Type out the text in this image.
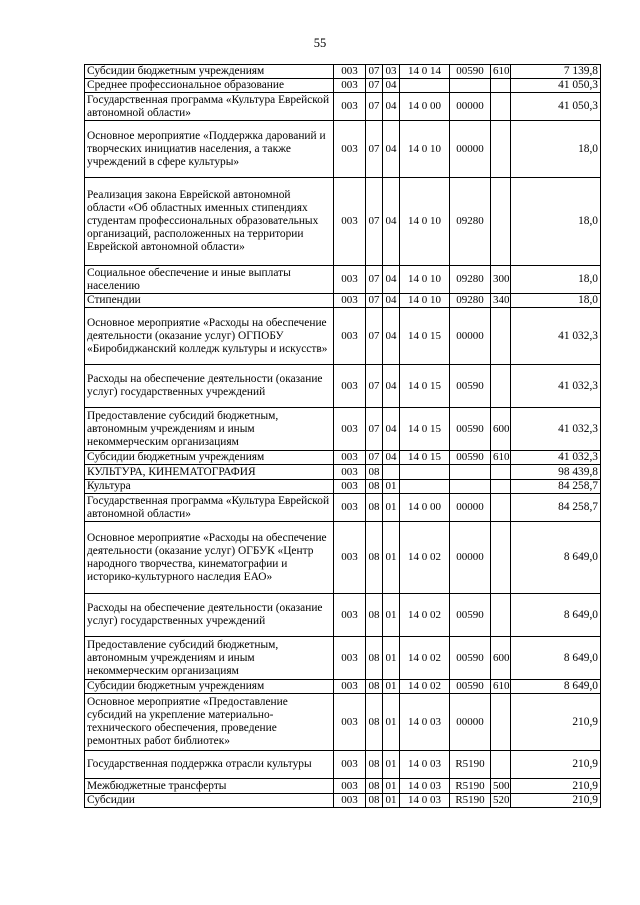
55
Субсидии бюджетным учреждениям	003	07	03	14 0 14	00590	610	7 139,8
Среднее профессиональное образование	003	07	04				41 050,3
Государственная программа «Культура Еврейской автономной области»	003	07	04	14 0 00	00000		41 050,3
Основное мероприятие «Поддержка дарований и творческих инициатив населения, а также учреждений в сфере культуры»	003	07	04	14 0 10	00000		18,0
Реализация закона Еврейской автономной области «Об областных именных стипендиях студентам профессиональных образовательных организаций, расположенных на территории Еврейской автономной области»	003	07	04	14 0 10	09280		18,0
Социальное обеспечение и иные выплаты населению	003	07	04	14 0 10	09280	300	18,0
Стипендии	003	07	04	14 0 10	09280	340	18,0
Основное мероприятие «Расходы на обеспечение деятельности (оказание услуг) ОГПОБУ «Биробиджанский колледж культуры и искусств»	003	07	04	14 0 15	00000		41 032,3
Расходы на обеспечение деятельности (оказание услуг) государственных учреждений	003	07	04	14 0 15	00590		41 032,3
Предоставление субсидий бюджетным, автономным учреждениям и иным некоммерческим организациям	003	07	04	14 0 15	00590	600	41 032,3
Субсидии бюджетным учреждениям	003	07	04	14 0 15	00590	610	41 032,3
КУЛЬТУРА, КИНЕМАТОГРАФИЯ	003	08					98 439,8
Культура	003	08	01				84 258,7
Государственная программа «Культура Еврейской автономной области»	003	08	01	14 0 00	00000		84 258,7
Основное мероприятие «Расходы на обеспечение деятельности (оказание услуг) ОГБУК «Центр народного творчества, кинематографии и историко-культурного наследия ЕАО»	003	08	01	14 0 02	00000		8 649,0
Расходы на обеспечение деятельности (оказание услуг) государственных учреждений	003	08	01	14 0 02	00590		8 649,0
Предоставление субсидий бюджетным, автономным учреждениям и иным некоммерческим организациям	003	08	01	14 0 02	00590	600	8 649,0
Субсидии бюджетным учреждениям	003	08	01	14 0 02	00590	610	8 649,0
Основное мероприятие «Предоставление субсидий на укрепление материально-технического обеспечения, проведение ремонтных работ библиотек»	003	08	01	14 0 03	00000		210,9
Государственная поддержка отрасли культуры	003	08	01	14 0 03	R5190		210,9
Межбюджетные трансферты	003	08	01	14 0 03	R5190	500	210,9
Субсидии	003	08	01	14 0 03	R5190	520	210,9
